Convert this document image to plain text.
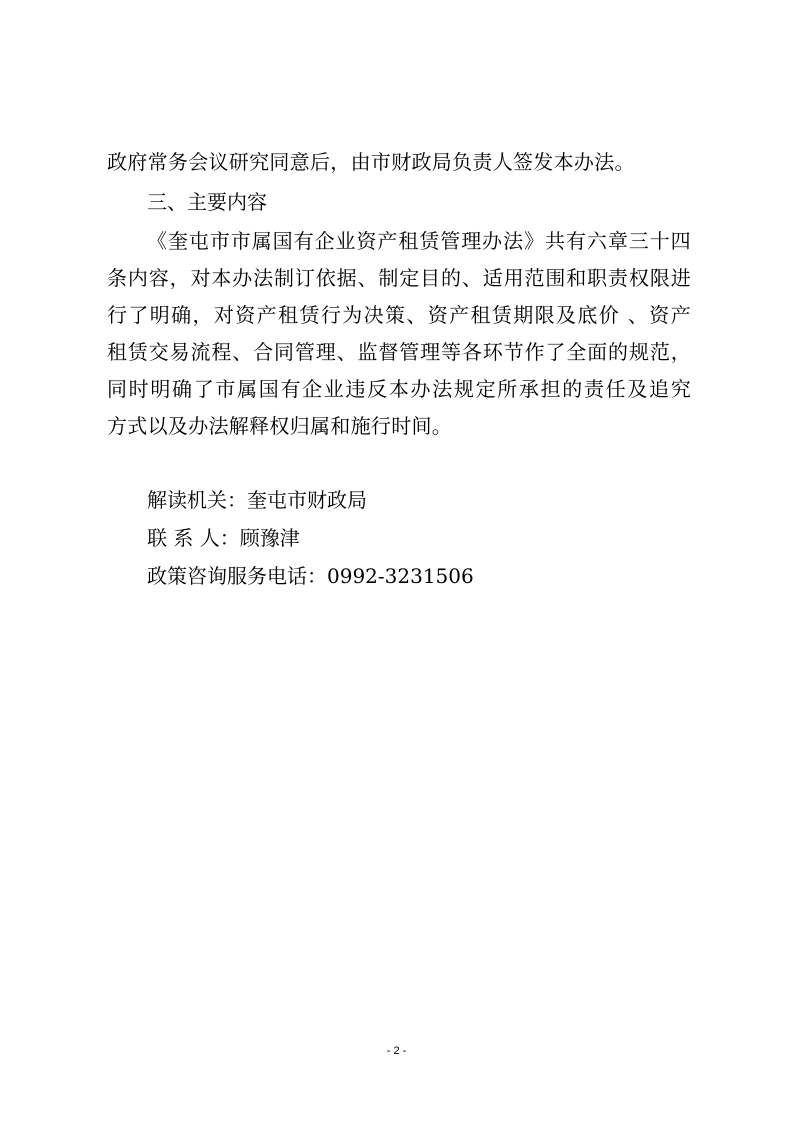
政府常务会议研究同意后，由市财政局负责人签发本办法。
三、主要内容
《奎屯市市属国有企业资产租赁管理办法》共有六章三十四
条内容，对本办法制订依据、制定目的、适用范围和职责权限进
行了明确，对资产租赁行为决策、资产租赁期限及底价 、资产
租赁交易流程、合同管理、监督管理等各环节作了全面的规范，
同时明确了市属国有企业违反本办法规定所承担的责任及追究
方式以及办法解释权归属和施行时间。
解读机关：奎屯市财政局
联 系 人：顾豫津
政策咨询服务电话：0992-3231506
- 2 -
